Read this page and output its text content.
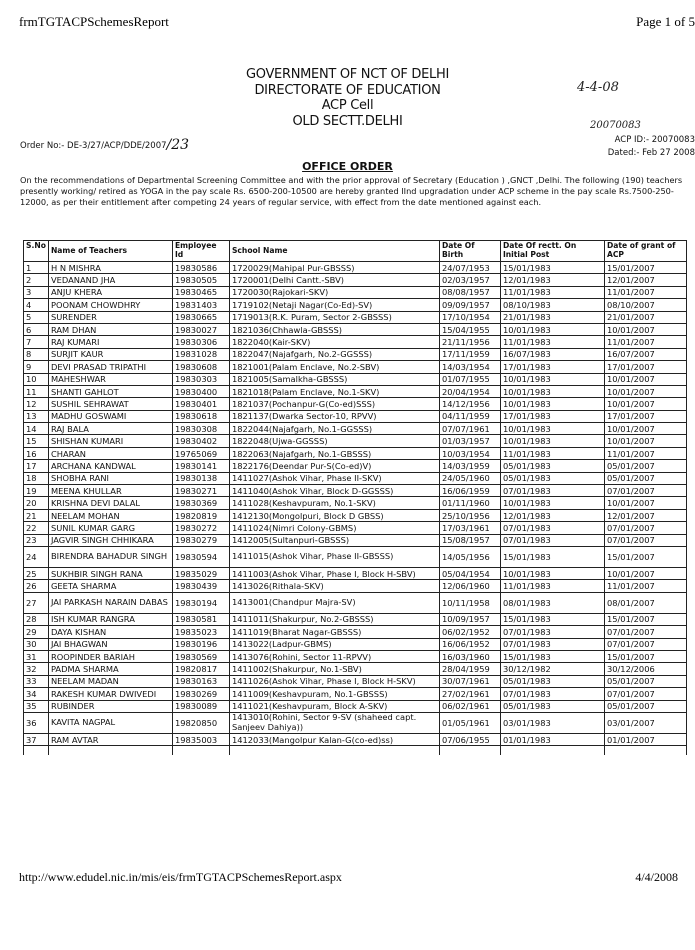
frmTGTACPSchemesReport	Page 1 of 5
GOVERNMENT OF NCT OF DELHI
DIRECTORATE OF EDUCATION
ACP Cell
OLD SECTT.DELHI
4-4-08
20070083
Order No:- DE-3/27/ACP/DDE/2007/23	ACP ID:- 20070083
Dated:- Feb 27 2008
OFFICE ORDER
On the recommendations of Departmental Screening Committee and with the prior approval of Secretary (Education ) ,GNCT ,Delhi. The following (190) teachers presently working/ retired as YOGA in the pay scale Rs. 6500-200-10500 are hereby granted IInd upgradation under ACP scheme in the pay scale Rs.7500-250-12000, as per their entitlement after competing 24 years of regular service, with effect from the date mentioned against each.
S.No	Name of Teachers	Employee Id	School Name	Date Of Birth	Date Of rectt. On Initial Post	Date of grant of ACP
1	H N MISHRA	19830586	1720029(Mahipal Pur-GBSSS)	24/07/1953	15/01/1983	15/01/2007
2	VEDANAND JHA	19830505	1720001(Delhi Cantt.-SBV)	02/03/1957	12/01/1983	12/01/2007
3	ANJU KHERA	19830465	1720030(Rajokari-SKV)	08/08/1957	11/01/1983	11/01/2007
4	POONAM CHOWDHRY	19831403	1719102(Netaji Nagar(Co-Ed)-SV)	09/09/1957	08/10/1983	08/10/2007
5	SURENDER	19830665	1719013(R.K. Puram, Sector 2-GBSSS)	17/10/1954	21/01/1983	21/01/2007
6	RAM DHAN	19830027	1821036(Chhawla-GBSSS)	15/04/1955	10/01/1983	10/01/2007
7	RAJ KUMARI	19830306	1822040(Kair-SKV)	21/11/1956	11/01/1983	11/01/2007
8	SURJIT KAUR	19831028	1822047(Najafgarh, No.2-GGSSS)	17/11/1959	16/07/1983	16/07/2007
9	DEVI PRASAD TRIPATHI	19830608	1821001(Palam Enclave, No.2-SBV)	14/03/1954	17/01/1983	17/01/2007
10	MAHESHWAR	19830303	1821005(Samalkha-GBSSS)	01/07/1955	10/01/1983	10/01/2007
11	SHANTI GAHLOT	19830400	1821018(Palam Enclave, No.1-SKV)	20/04/1954	10/01/1983	10/01/2007
12	SUSHIL SEHRAWAT	19830401	1821037(Pochanpur-G(Co-ed)SSS)	14/12/1956	10/01/1983	10/01/2007
13	MADHU GOSWAMI	19830618	1821137(Dwarka Sector-10, RPVV)	04/11/1959	17/01/1983	17/01/2007
14	RAJ BALA	19830308	1822044(Najafgarh, No.1-GGSSS)	07/07/1961	10/01/1983	10/01/2007
15	SHISHAN KUMARI	19830402	1822048(Ujwa-GGSSS)	01/03/1957	10/01/1983	10/01/2007
16	CHARAN	19765069	1822063(Najafgarh, No.1-GBSSS)	10/03/1954	11/01/1983	11/01/2007
17	ARCHANA KANDWAL	19830141	1822176(Deendar Pur-S(Co-ed)V)	14/03/1959	05/01/1983	05/01/2007
18	SHOBHA RANI	19830138	1411027(Ashok Vihar, Phase II-SKV)	24/05/1960	05/01/1983	05/01/2007
19	MEENA KHULLAR	19830271	1411040(Ashok Vihar, Block D-GGSSS)	16/06/1959	07/01/1983	07/01/2007
20	KRISHNA DEVI DALAL	19830369	1411028(Keshavpuram, No.1-SKV)	01/11/1960	10/01/1983	10/01/2007
21	NEELAM MOHAN	19820819	1412130(Mongolpuri, Block D GBSS)	25/10/1956	12/01/1983	12/01/2007
22	SUNIL KUMAR GARG	19830272	1411024(Nimri Colony-GBMS)	17/03/1961	07/01/1983	07/01/2007
23	JAGVIR SINGH CHHIKARA	19830279	1412005(Sultanpuri-GBSSS)	15/08/1957	07/01/1983	07/01/2007
24	BIRENDRA BAHADUR SINGH	19830594	1411015(Ashok Vihar, Phase II-GBSSS)	14/05/1956	15/01/1983	15/01/2007
25	SUKHBIR SINGH RANA	19835029	1411003(Ashok Vihar, Phase I, Block H-SBV)	05/04/1954	10/01/1983	10/01/2007
26	GEETA SHARMA	19830439	1413026(Rithala-SKV)	12/06/1960	11/01/1983	11/01/2007
27	JAI PARKASH NARAIN DABAS	19830194	1413001(Chandpur Majra-SV)	10/11/1958	08/01/1983	08/01/2007
28	ISH KUMAR RANGRA	19830581	1411011(Shakurpur, No.2-GBSSS)	10/09/1957	15/01/1983	15/01/2007
29	DAYA KISHAN	19835023	1411019(Bharat Nagar-GBSSS)	06/02/1952	07/01/1983	07/01/2007
30	JAI BHAGWAN	19830196	1413022(Ladpur-GBMS)	16/06/1952	07/01/1983	07/01/2007
31	ROOPINDER BARIAH	19830569	1413076(Rohini, Sector 11-RPVV)	16/03/1960	15/01/1983	15/01/2007
32	PADMA SHARMA	19820817	1411002(Shakurpur, No.1-SBV)	28/04/1959	30/12/1982	30/12/2006
33	NEELAM MADAN	19830163	1411026(Ashok Vihar, Phase I, Block H-SKV)	30/07/1961	05/01/1983	05/01/2007
34	RAKESH KUMAR DWIVEDI	19830269	1411009(Keshavpuram, No.1-GBSSS)	27/02/1961	07/01/1983	07/01/2007
35	RUBINDER	19830089	1411021(Keshavpuram, Block A-SKV)	06/02/1961	05/01/1983	05/01/2007
36	KAVITA NAGPAL	19820850	1413010(Rohini, Sector 9-SV (shaheed capt. Sanjeev Dahiya))	01/05/1961	03/01/1983	03/01/2007
37	RAM AVTAR	19835003	1412033(Mangolpur Kalan-G(co-ed)ss)	07/06/1955	01/01/1983	01/01/2007

http://www.edudel.nic.in/mis/eis/frmTGTACPSchemesReport.aspx	4/4/2008
